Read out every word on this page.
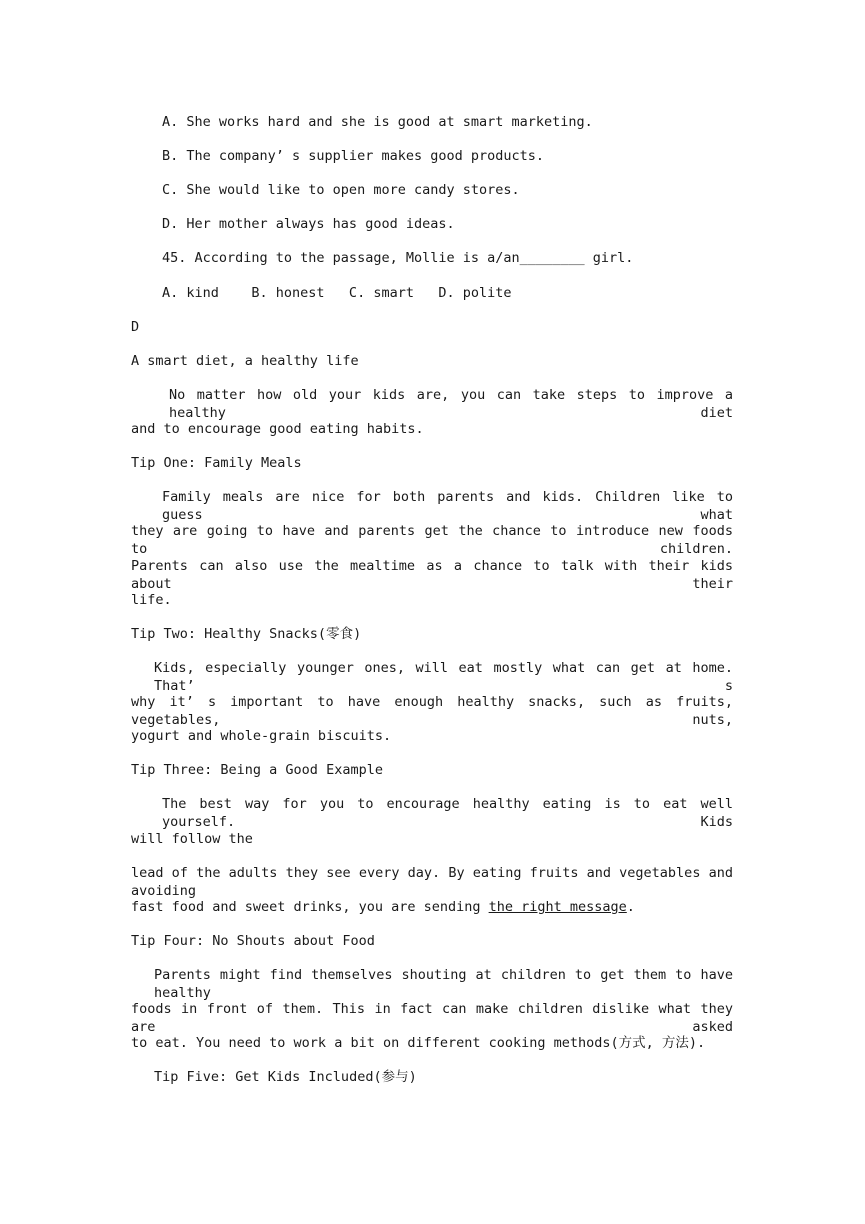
A. She works hard and she is good at smart marketing.
B. The company’ s supplier makes good products.
C. She would like to open more candy stores.
D. Her mother always has good ideas.
45. According to the passage, Mollie is a/an________ girl.
A. kind    B. honest   C. smart   D. polite
D
A smart diet, a healthy life
No matter how old your kids are, you can take steps to improve a healthy diet
and to encourage good eating habits.
Tip One: Family Meals
Family meals are nice for both parents and kids. Children like to guess what
they are going to have and parents get the chance to introduce new foods to children.
Parents can also use the mealtime as a chance to talk with their kids about their
life.
Tip Two: Healthy Snacks(零食)
Kids, especially younger ones, will eat mostly what can get at home. That’ s
why it’ s important to have enough healthy snacks, such as fruits, vegetables, nuts,
yogurt and whole-grain biscuits.
Tip Three: Being a Good Example
The best way for you to encourage healthy eating is to eat well yourself. Kids
will follow the
lead of the adults they see every day. By eating fruits and vegetables and avoiding
fast food and sweet drinks, you are sending the right message.
Tip Four: No Shouts about Food
Parents might find themselves shouting at children to get them to have healthy
foods in front of them. This in fact can make children dislike what they are asked
to eat. You need to work a bit on different cooking methods(方式, 方法).
Tip Five: Get Kids Included(参与)
